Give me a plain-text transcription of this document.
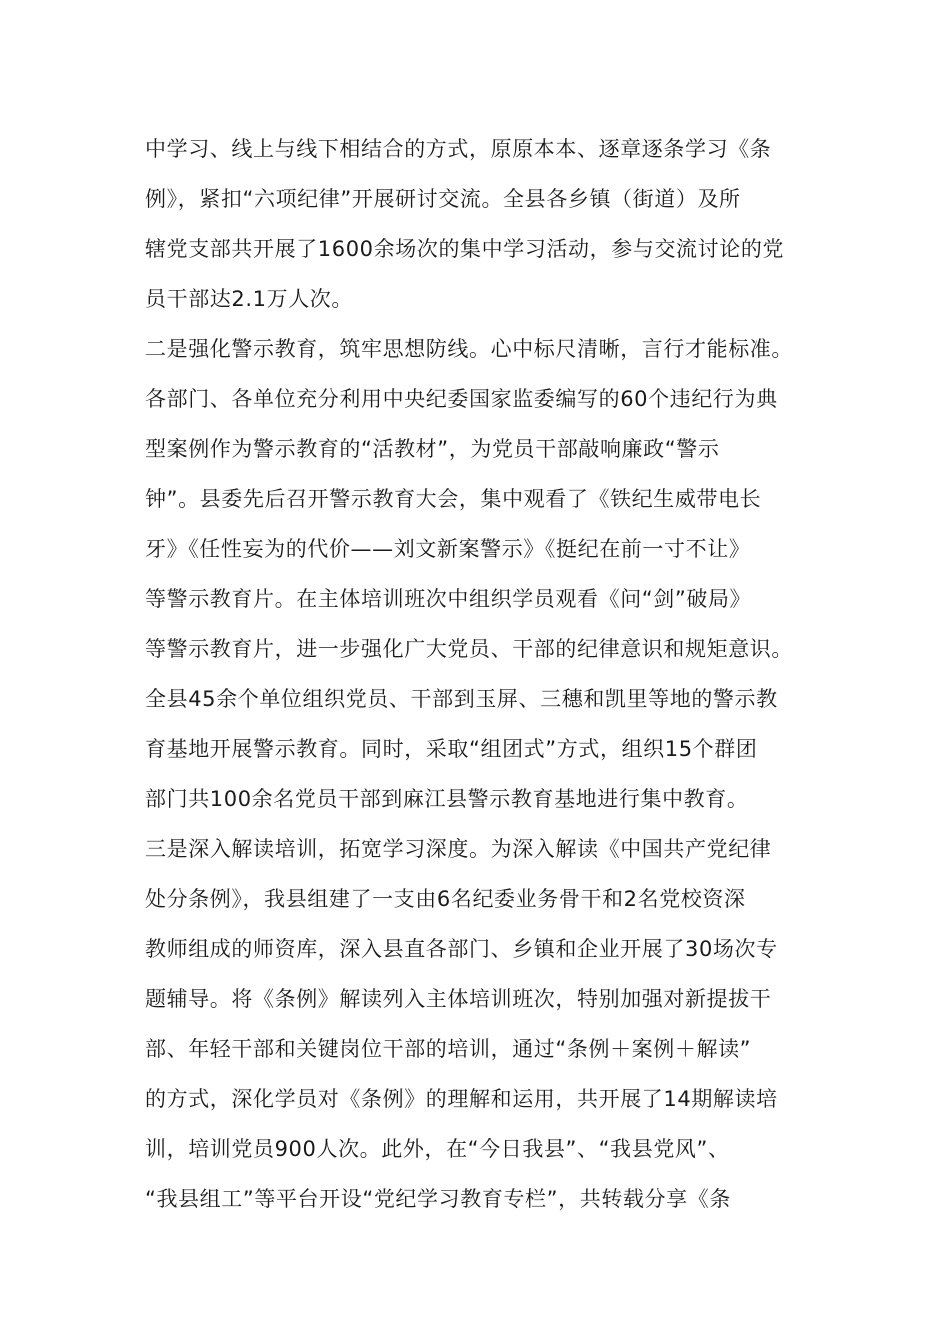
中学习、线上与线下相结合的方式，原原本本、逐章逐条学习《条
例》，紧扣“六项纪律”开展研讨交流。全县各乡镇（街道）及所
辖党支部共开展了1600余场次的集中学习活动，参与交流讨论的党
员干部达2.1万人次。
二是强化警示教育，筑牢思想防线。心中标尺清晰，言行才能标准。
各部门、各单位充分利用中央纪委国家监委编写的60个违纪行为典
型案例作为警示教育的“活教材”，为党员干部敲响廉政“警示
钟”。县委先后召开警示教育大会，集中观看了《铁纪生威带电长
牙》《任性妄为的代价——刘文新案警示》《挺纪在前一寸不让》
等警示教育片。在主体培训班次中组织学员观看《问“剑”破局》
等警示教育片，进一步强化广大党员、干部的纪律意识和规矩意识。
全县45余个单位组织党员、干部到玉屏、三穗和凯里等地的警示教
育基地开展警示教育。同时，采取“组团式”方式，组织15个群团
部门共100余名党员干部到麻江县警示教育基地进行集中教育。
三是深入解读培训，拓宽学习深度。为深入解读《中国共产党纪律
处分条例》，我县组建了一支由6名纪委业务骨干和2名党校资深
教师组成的师资库，深入县直各部门、乡镇和企业开展了30场次专
题辅导。将《条例》解读列入主体培训班次，特别加强对新提拔干
部、年轻干部和关键岗位干部的培训，通过“条例＋案例＋解读”
的方式，深化学员对《条例》的理解和运用，共开展了14期解读培
训，培训党员900人次。此外，在“今日我县”、“我县党风”、
“我县组工”等平台开设“党纪学习教育专栏”，共转载分享《条
